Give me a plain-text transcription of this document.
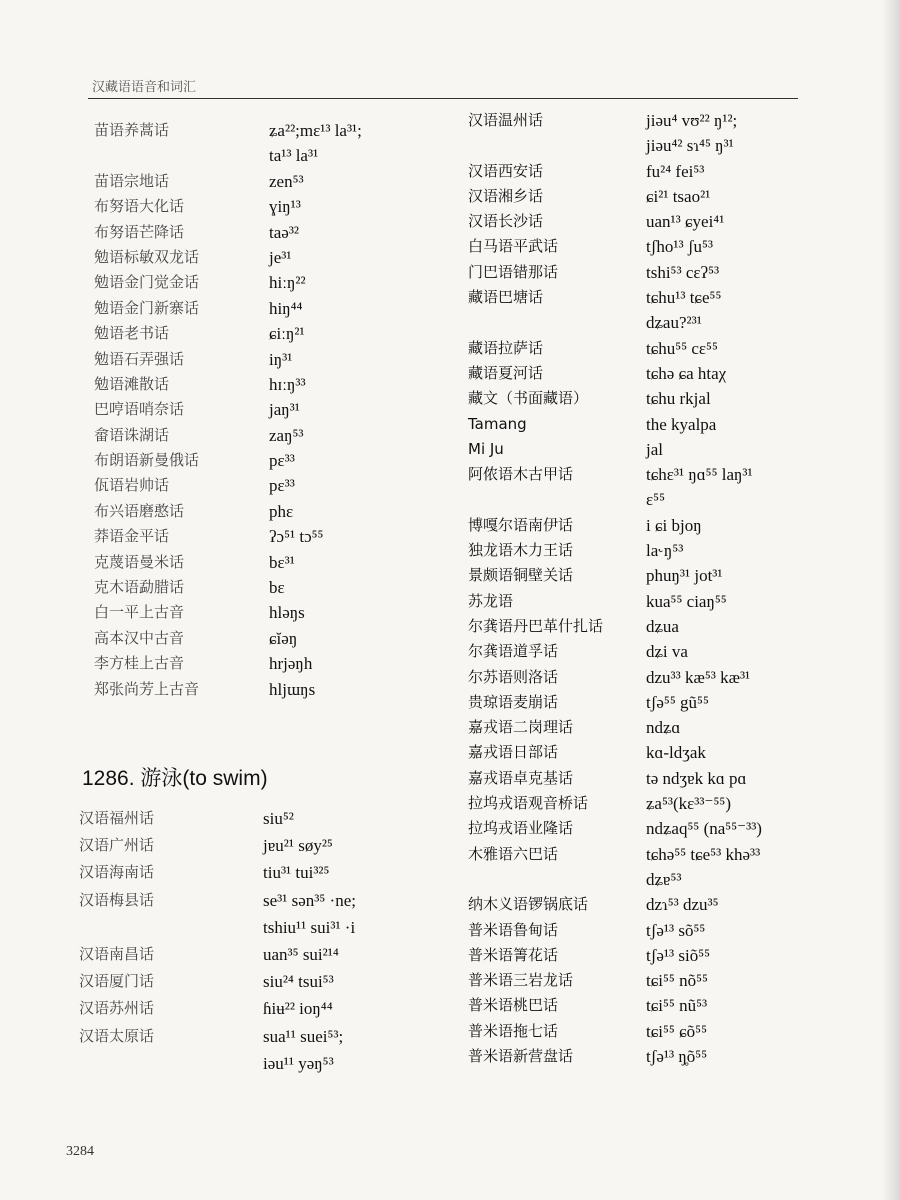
汉藏语语音和词汇
苗语养蒿话	ʑa²²;mɛ¹³ la³¹;
ta¹³ la³¹
苗语宗地话	zen⁵³
布努语大化话	ɣiŋ¹³
布努语芒降话	taə³²
勉语标敏双龙话	je³¹
勉语金门觉金话	hiːŋ²²
勉语金门新寨话	hiŋ⁴⁴
勉语老书话	ɕiːŋ²¹
勉语石弄强话	iŋ³¹
勉语滩散话	hɪːŋ³³
巴哼语哨奈话	jaŋ³¹
畲语诛湖话	zaŋ⁵³
布朗语新曼俄话	pɛ³³
佤语岩帅话	pɛ³³
布兴语磨憨话	phɛ
莽语金平话	ʔɔ⁵¹ tɔ⁵⁵
克蔑语曼米话	bɛ³¹
克木语勐腊话	bɛ
白一平上古音	hləŋs
高本汉中古音	ɕĭəŋ
李方桂上古音	hrjəŋh
郑张尚芳上古音	hljɯŋs
1286. 游泳(to swim)
汉语福州话	siu⁵²
汉语广州话	jɐu²¹ søy²⁵
汉语海南话	tiu³¹ tui³²⁵
汉语梅县话	se³¹ sən³⁵ ·ne;
tshiu¹¹ sui³¹ ·i
汉语南昌话	uan³⁵ sui²¹⁴
汉语厦门话	siu²⁴ tsui⁵³
汉语苏州话	ɦiʉ²² ioŋ⁴⁴
汉语太原话	sua¹¹ suei⁵³;
iəu¹¹ yəŋ⁵³
汉语温州话	jiəu⁴ vʊ²² ŋ¹²;
jiəu⁴² sɿ⁴⁵ ŋ³¹
汉语西安话	fu²⁴ fei⁵³
汉语湘乡话	ɕi²¹ tsao²¹
汉语长沙话	uan¹³ ɕyei⁴¹
白马语平武话	tʃho¹³ ʃu⁵³
门巴语错那话	tshi⁵³ cɛʔ⁵³
藏语巴塘话	tɕhu¹³ tɕe⁵⁵
dʑau?²³¹
藏语拉萨话	tɕhu⁵⁵ cɛ⁵⁵
藏语夏河话	tɕhə ɕa htaχ
藏文（书面藏语）	tɕhu rkjal
Tamang	the kyalpa
Mi Ju	jal
阿侬语木古甲话	tɕhɛ³¹ ŋɑ⁵⁵ laŋ³¹
ɛ⁵⁵
博嘎尔语南伊话	i ɕi bjoŋ
独龙语木力王话	la˞ŋ⁵³
景颇语铜壁关话	phuŋ³¹ jot³¹
苏龙语	kua⁵⁵ ciaŋ⁵⁵
尔龚语丹巴革什扎话	dʑua
尔龚语道孚话	dʑi va
尔苏语则洛话	dzu³³ kæ⁵³ kæ³¹
贵琼语麦崩话	tʃə⁵⁵ gũ⁵⁵
嘉戎语二岗理话	ndʑɑ
嘉戎语日部话	kɑ-ldʒak
嘉戎语卓克基话	tə ndʒɐk kɑ pɑ
拉坞戎语观音桥话	ʑa⁵³(kɛ³³⁻⁵⁵)
拉坞戎语业隆话	ndʑaq⁵⁵ (na⁵⁵⁻³³)
木雅语六巴话	tɕhə⁵⁵ tɕe⁵³ khə³³
dʑɐ⁵³
纳木义语锣锅底话	dzɿ⁵³ dzu³⁵
普米语鲁甸话	tʃə¹³ sõ⁵⁵
普米语箐花话	tʃə¹³ siõ⁵⁵
普米语三岩龙话	tɕi⁵⁵ nõ⁵⁵
普米语桃巴话	tɕi⁵⁵ nũ⁵³
普米语拖七话	tɕi⁵⁵ ɕõ⁵⁵
普米语新营盘话	tʃə¹³ ŋ̥õ⁵⁵
3284
